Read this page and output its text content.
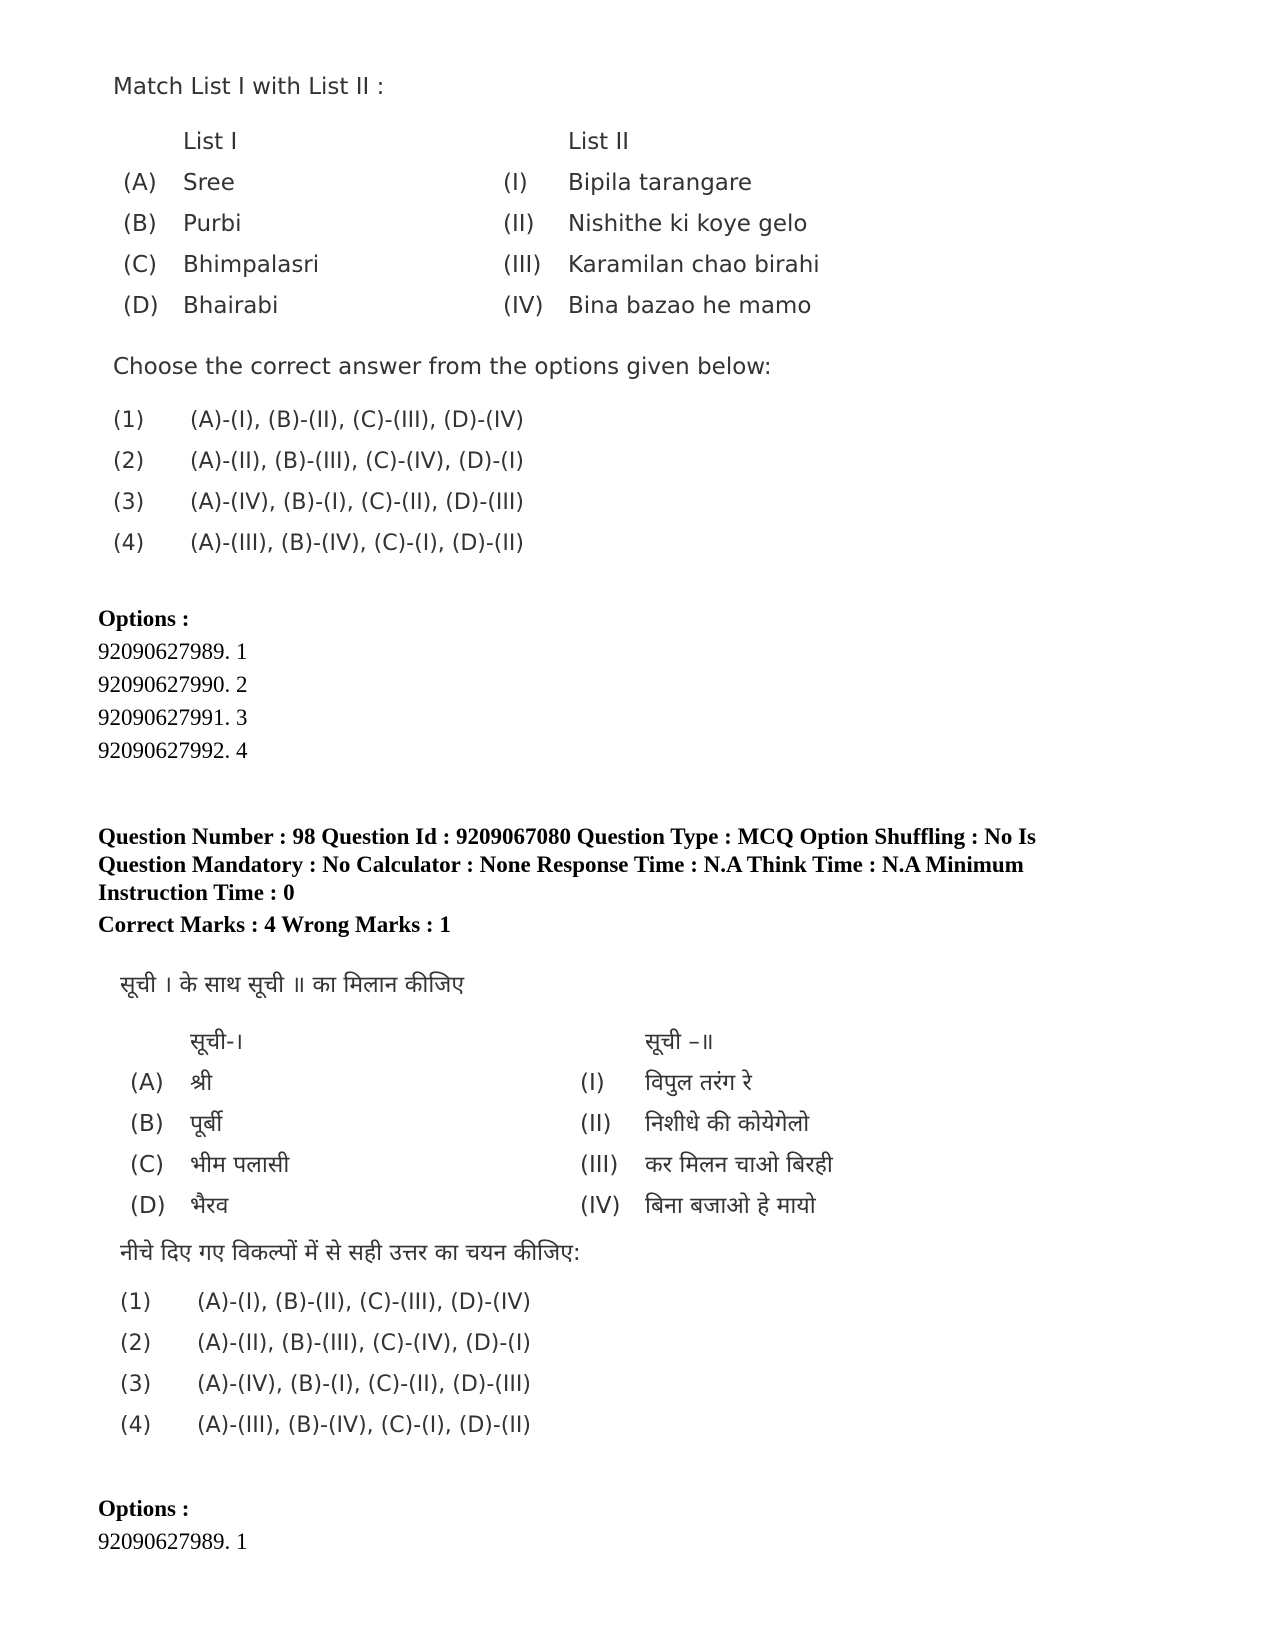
Match List I with List II :

List I	List II
(A) Sree	(I) Bipila tarangare
(B) Purbi	(II) Nishithe ki koye gelo
(C) Bhimpalasri	(III) Karamilan chao birahi
(D) Bhairabi	(IV) Bina bazao he mamo

Choose the correct answer from the options given below:

(1) (A)-(I), (B)-(II), (C)-(III), (D)-(IV)
(2) (A)-(II), (B)-(III), (C)-(IV), (D)-(I)
(3) (A)-(IV), (B)-(I), (C)-(II), (D)-(III)
(4) (A)-(III), (B)-(IV), (C)-(I), (D)-(II)
Options :
92090627989. 1
92090627990. 2
92090627991. 3
92090627992. 4
Question Number : 98 Question Id : 9209067080 Question Type : MCQ Option Shuffling : No Is
Question Mandatory : No Calculator : None Response Time : N.A Think Time : N.A Minimum
Instruction Time : 0
Correct Marks : 4 Wrong Marks : 1

सूची । के साथ सूची ॥ का मिलान कीजिए

सूची-।	सूची –॥
(A) श्री	(I) विपुल तरंग रे
(B) पूर्बी	(II) निशीधे की कोयेगेलो
(C) भीम पलासी	(III) कर मिलन चाओ बिरही
(D) भैरव	(IV) बिना बजाओ हे मायो

नीचे दिए गए विकल्पों में से सही उत्तर का चयन कीजिए:

(1) (A)-(I), (B)-(II), (C)-(III), (D)-(IV)
(2) (A)-(II), (B)-(III), (C)-(IV), (D)-(I)
(3) (A)-(IV), (B)-(I), (C)-(II), (D)-(III)
(4) (A)-(III), (B)-(IV), (C)-(I), (D)-(II)
Options :
92090627989. 1
